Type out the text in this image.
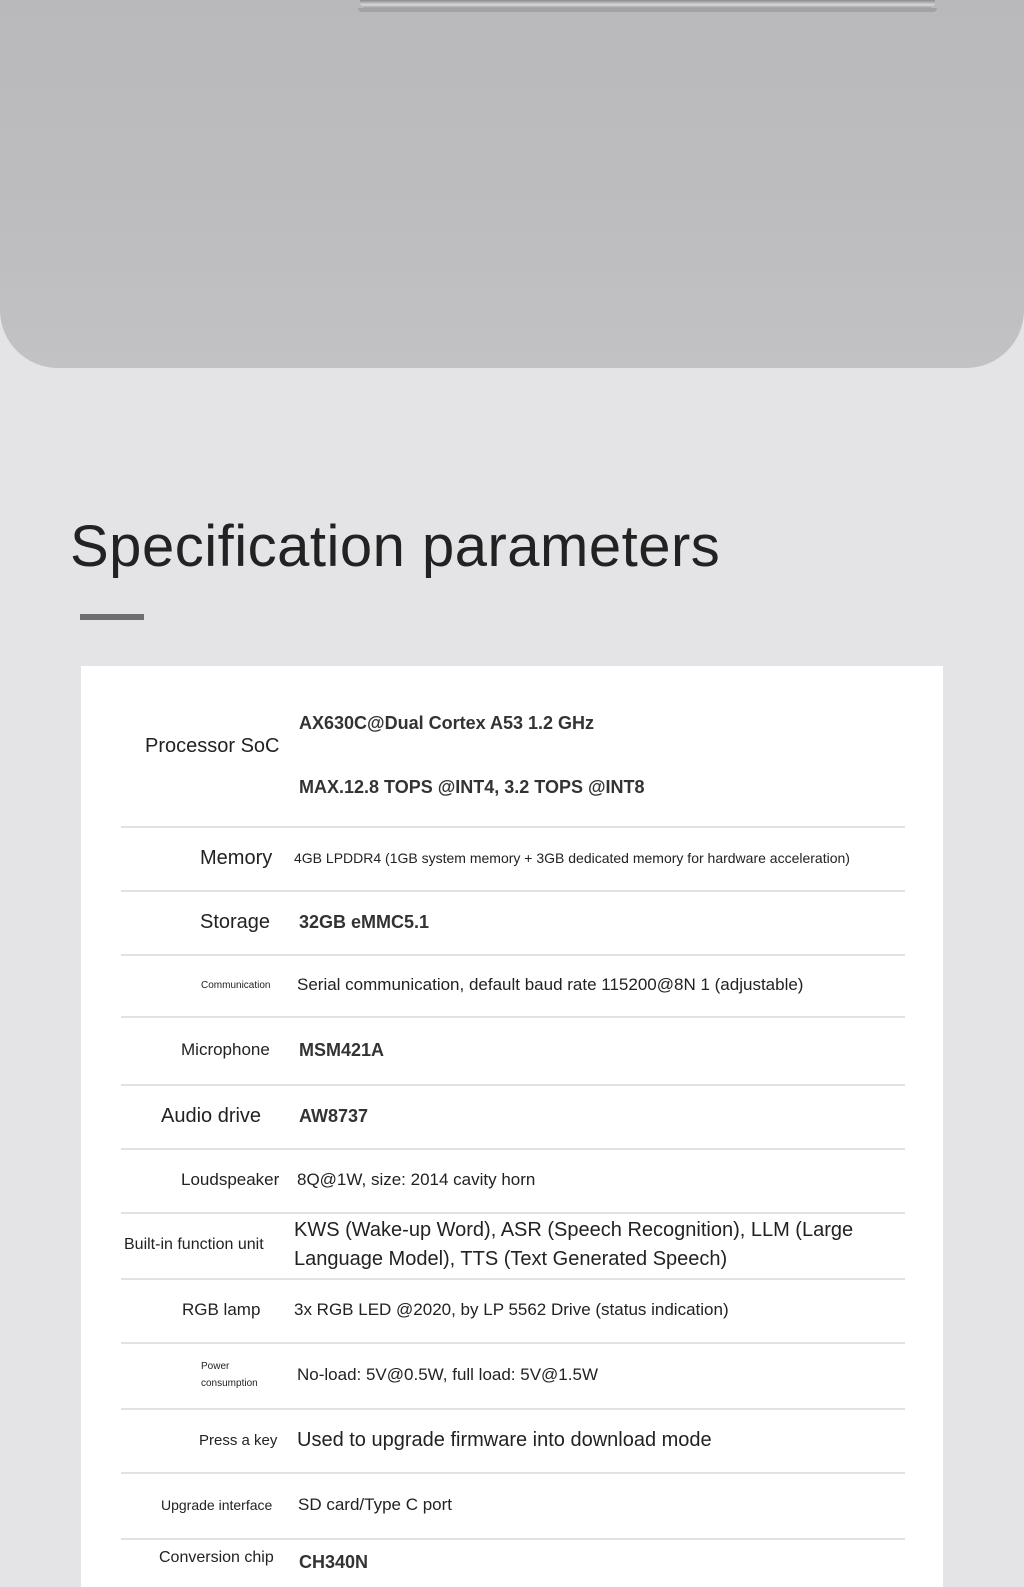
Specification parameters
Processor SoC
AX630C@Dual Cortex A53 1.2 GHz
MAX.12.8 TOPS @INT4, 3.2 TOPS @INT8
Memory 4GB LPDDR4 (1GB system memory + 3GB dedicated memory for hardware acceleration)
Storage 32GB eMMC5.1
Communication Serial communication, default baud rate 115200@8N 1 (adjustable)
Microphone MSM421A
Audio drive AW8737
Loudspeaker 8Q@1W, size: 2014 cavity horn
Built-in function unit
KWS (Wake-up Word), ASR (Speech Recognition), LLM (Large
Language Model), TTS (Text Generated Speech)
RGB lamp 3x RGB LED @2020, by LP 5562 Drive (status indication)
Power
consumption No-load: 5V@0.5W, full load: 5V@1.5W
Press a key Used to upgrade firmware into download mode
Upgrade interface SD card/Type C port
Conversion chip CH340N
